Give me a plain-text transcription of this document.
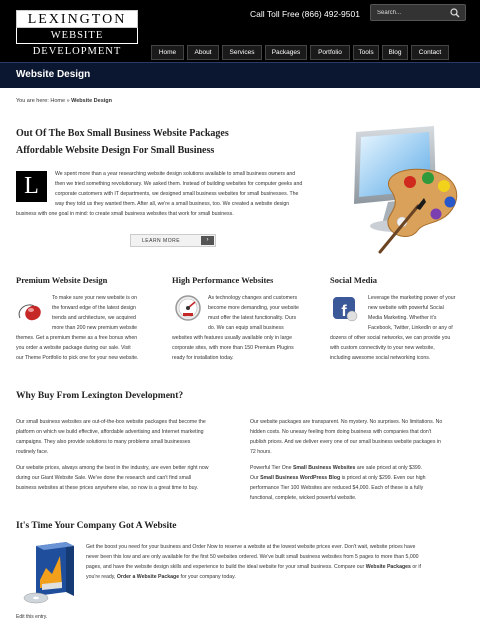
LEXINGTON
WEBSITE DEVELOPMENT
Call Toll Free (866) 492-9501
Search...
Home	About	Services	Packages	Portfolio	Tools	Blog	Contact
Website Design
You are here: Home » Website Design
Out Of The Box Small Business Website Packages
Affordable Website Design For Small Business
L	We spent more than a year researching website design solutions available to small business owners and
then we tried something revolutionary. We asked them. Instead of building websites for computer geeks and
corporate customers with IT departments, we designed small business websites for small businesses. The
way they told us they wanted them. After all, we're a small business, too. We created a website design
business with one goal in mind: to create small business websites that work for small business.
LEARN MORE	›
Premium Website Design	High Performance Websites	Social Media
f
To make sure your new website is on
the forward edge of the latest design
trends and architecture, we acquired
more than 200 new premium website
themes. Get a premium theme as a free bonus when
you order a website package during our sale. Visit
our Theme Portfolio to pick one for your new website.
As technology changes and customers
become more demanding, your website
must offer the latest functionality. Ours
do. We can equip small business
websites with features usually available only in large
corporate sites, with more than 150 Premium Plugins
ready for installation today.
Leverage the marketing power of your
new website with powerful Social
Media Marketing. Whether it's
Facebook, Twitter, LinkedIn or any of
dozens of other social networks, we can provide you
with custom connectivity to your new website,
including awesome social networking icons.
Why Buy From Lexington Development?
Our small business websites are out-of-the-box website packages that become the
platform on which we build effective, affordable advertising and Internet marketing
campaigns. They also provide solutions to many problems small businesses
routinely face.
Our website prices, always among the best in the industry, are even better right now
during our Giant Website Sale. We've done the research and can't find small
business websites at these prices anywhere else, so now is a great time to buy.
Our website packages are transparent. No mystery. No surprises. No limitations. No
hidden costs. No uneasy feeling from doing business with companies that don't
publish prices. And we deliver every one of our small business website packages in
72 hours.
Powerful Tier One Small Business Websites are sale priced at only $399.
Our Small Business WordPress Blog is priced at only $299. Even our high
performance Tier 100 Websites are reduced $4,000. Each of these is a fully
functional, complete, wicked powerful website.
It's Time Your Company Got A Website
Get the boost you need for your business and Order Now to reserve a website at the lowest website prices ever. Don't wait, website prices have
never been this low and are only available for the first 50 websites ordered. We've built small business websites from 5 pages to more than 5,000
pages, and have the website design skills and experience to build the ideal website for your small business. Compare our Website Packages or if
you're ready, Order a Website Package for your company today.
Edit this entry.
